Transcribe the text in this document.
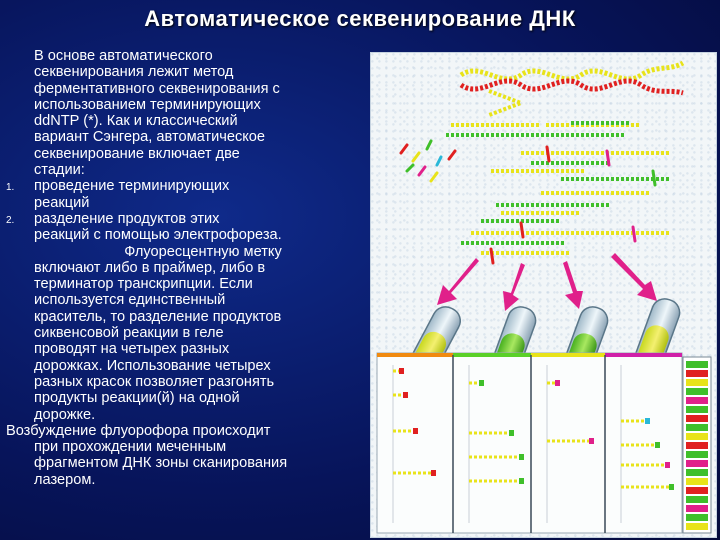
Автоматическое секвенирование ДНК

В основе автоматического

секвенирования лежит метод

ферментативного секвенирования с

использованием терминирующих

ddNTP (*). Как и классический

вариант Сэнгера, автоматическое

секвенирование включает две

стадии:

1. проведение терминирующих

реакций

2. разделение продуктов этих

реакций с помощью электрофореза.

Флуоресцентную метку

включают либо в праймер, либо в

терминатор транскрипции. Если

используется единственный

краситель, то разделение продуктов

сиквенсовой реакции в геле

проводят на четырех разных

дорожках. Использование четырех

разных красок позволяет разгонять

продукты реакции(й) на одной

дорожке.

Возбуждение флуорофора происходит

при прохождении меченным

фрагментом ДНК зоны сканирования

лазером.
